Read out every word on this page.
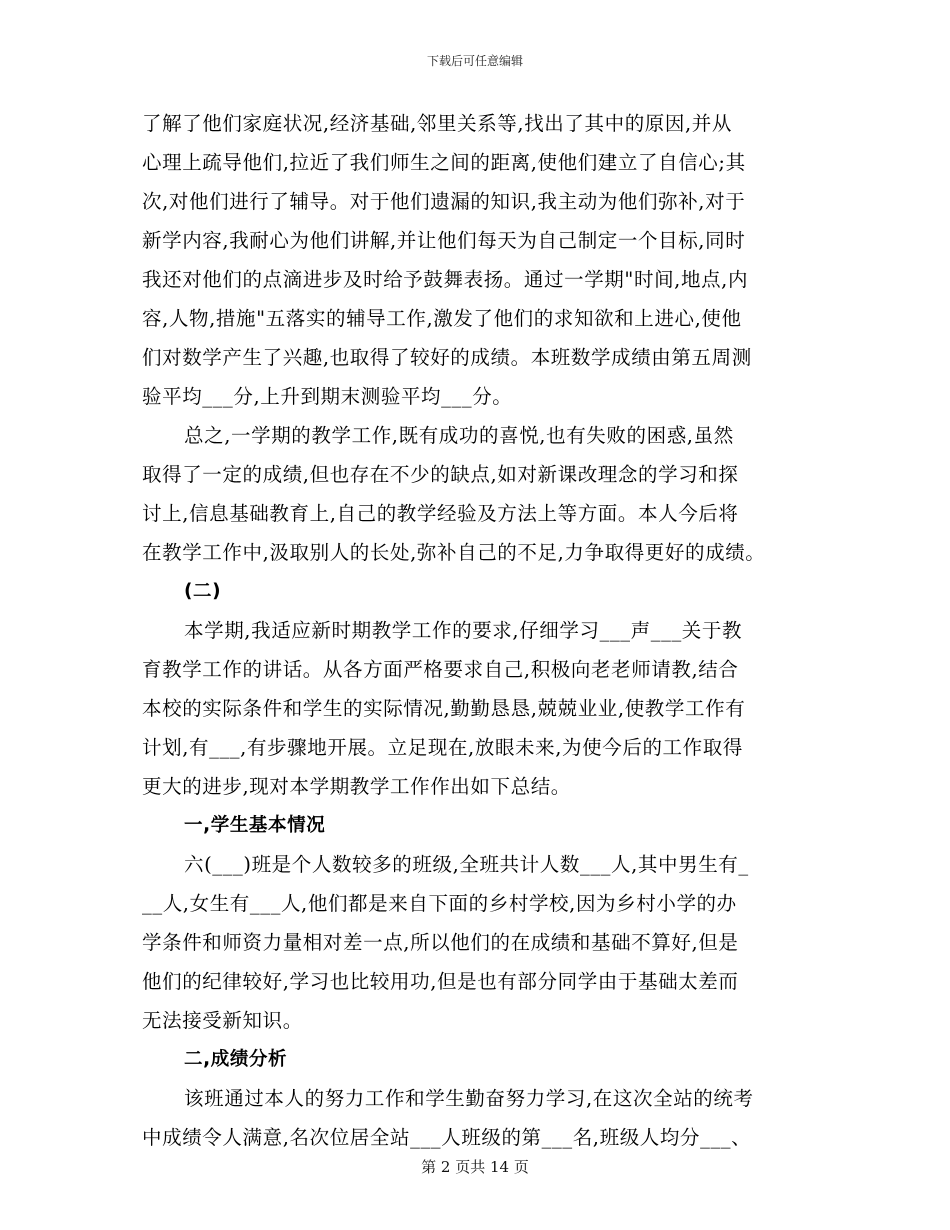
下载后可任意编辑
了解了他们家庭状况,经济基础,邻里关系等,找出了其中的原因,并从
心理上疏导他们,拉近了我们师生之间的距离,使他们建立了自信心;其
次,对他们进行了辅导。对于他们遗漏的知识,我主动为他们弥补,对于
新学内容,我耐心为他们讲解,并让他们每天为自己制定一个目标,同时
我还对他们的点滴进步及时给予鼓舞表扬。通过一学期"时间,地点,内
容,人物,措施"五落实的辅导工作,激发了他们的求知欲和上进心,使他
们对数学产生了兴趣,也取得了较好的成绩。本班数学成绩由第五周测
验平均___分,上升到期末测验平均___分。
总之,一学期的教学工作,既有成功的喜悦,也有失败的困惑,虽然
取得了一定的成绩,但也存在不少的缺点,如对新课改理念的学习和探
讨上,信息基础教育上,自己的教学经验及方法上等方面。本人今后将
在教学工作中,汲取别人的长处,弥补自己的不足,力争取得更好的成绩。
(二)
本学期,我适应新时期教学工作的要求,仔细学习___声___关于教
育教学工作的讲话。从各方面严格要求自己,积极向老老师请教,结合
本校的实际条件和学生的实际情况,勤勤恳恳,兢兢业业,使教学工作有
计划,有___,有步骤地开展。立足现在,放眼未来,为使今后的工作取得
更大的进步,现对本学期教学工作作出如下总结。
一,学生基本情况
六(___)班是个人数较多的班级,全班共计人数___人,其中男生有_
__人,女生有___人,他们都是来自下面的乡村学校,因为乡村小学的办
学条件和师资力量相对差一点,所以他们的在成绩和基础不算好,但是
他们的纪律较好,学习也比较用功,但是也有部分同学由于基础太差而
无法接受新知识。
二,成绩分析
该班通过本人的努力工作和学生勤奋努力学习,在这次全站的统考
中成绩令人满意,名次位居全站___人班级的第___名,班级人均分___、
第 2 页共 14 页
